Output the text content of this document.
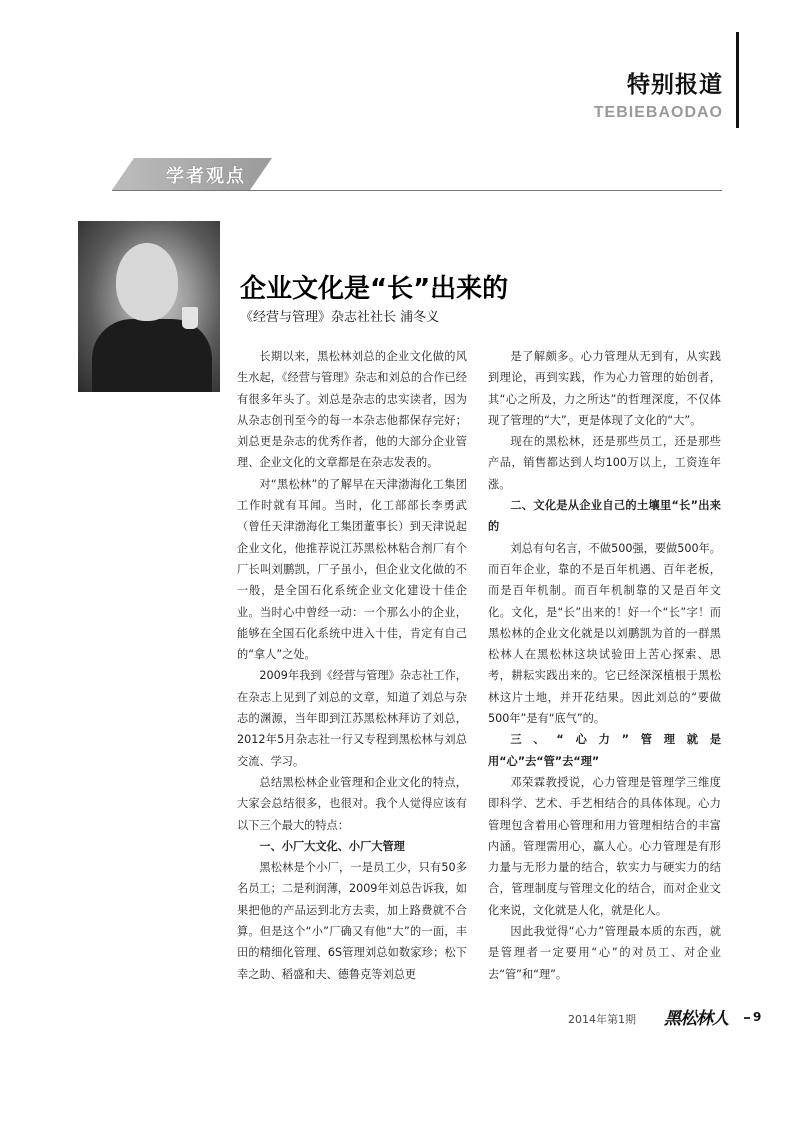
特别报道
TEBIEBAODAO
学者观点
企业文化是“长”出来的
《经营与管理》杂志社社长 浦冬义

长期以来，黑松林刘总的企业文化做的风生水起，《经营与管理》杂志和刘总的合作已经有很多年头了。刘总是杂志的忠实读者，因为从杂志创刊至今的每一本杂志他都保存完好；刘总更是杂志的优秀作者，他的大部分企业管理、企业文化的文章都是在杂志发表的。

对“黑松林”的了解早在天津渤海化工集团工作时就有耳闻。当时，化工部部长李勇武（曾任天津渤海化工集团董事长）到天津说起企业文化，他推荐说江苏黑松林粘合剂厂有个厂长叫刘鹏凯，厂子虽小，但企业文化做的不一般，是全国石化系统企业文化建设十佳企业。当时心中曾经一动：一个那么小的企业，能够在全国石化系统中进入十佳，肯定有自己的“拿人”之处。

2009年我到《经营与管理》杂志社工作，在杂志上见到了刘总的文章，知道了刘总与杂志的渊源，当年即到江苏黑松林拜访了刘总，2012年5月杂志社一行又专程到黑松林与刘总交流、学习。

总结黑松林企业管理和企业文化的特点，大家会总结很多，也很对。我个人觉得应该有以下三个最大的特点：

一、小厂大文化、小厂大管理

黑松林是个小厂，一是员工少，只有50多名员工；二是利润薄，2009年刘总告诉我，如果把他的产品运到北方去卖，加上路费就不合算。但是这个“小”厂确又有他“大”的一面，丰田的精细化管理、6S管理刘总如数家珍；松下幸之助、稻盛和夫、德鲁克等刘总更

是了解颇多。心力管理从无到有，从实践到理论，再到实践，作为心力管理的始创者，其“心之所及，力之所达”的哲理深度，不仅体现了管理的“大”，更是体现了文化的“大”。

现在的黑松林，还是那些员工，还是那些产品，销售都达到人均100万以上，工资连年涨。

二、文化是从企业自己的土壤里“长”出来的

刘总有句名言，不做500强，要做500年。而百年企业，靠的不是百年机遇、百年老板，而是百年机制。而百年机制靠的又是百年文化。文化，是“长”出来的！好一个“长”字！而黑松林的企业文化就是以刘鹏凯为首的一群黑松林人在黑松林这块试验田上苦心探索、思考，耕耘实践出来的。它已经深深植根于黑松林这片土地，并开花结果。因此刘总的“要做500年”是有“底气”的。

三、“心力”管理就是用“心”去“管”去“理”

邓荣霖教授说，心力管理是管理学三维度即科学、艺术、手艺相结合的具体体现。心力管理包含着用心管理和用力管理相结合的丰富内涵。管理需用心，赢人心。心力管理是有形力量与无形力量的结合，软实力与硬实力的结合，管理制度与管理文化的结合，而对企业文化来说，文化就是人化，就是化人。

因此我觉得“心力”管理最本质的东西，就是管理者一定要用“心”的对员工、对企业去“管”和“理”。

2014年第1期 黑松林人 9
